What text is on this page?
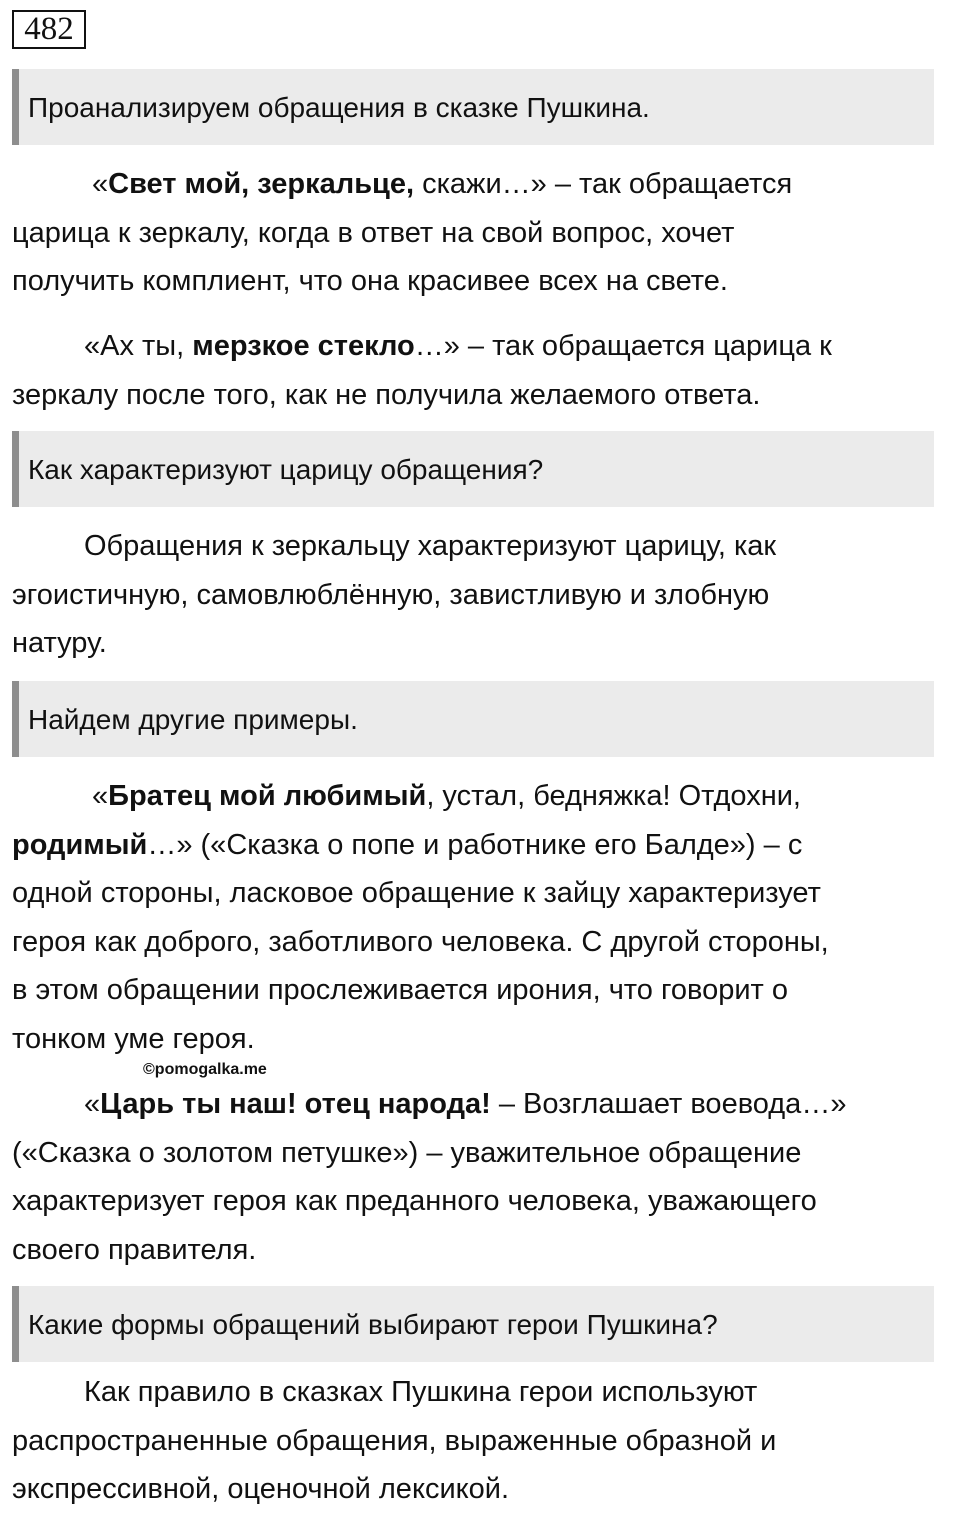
482
Проанализируем обращения в сказке Пушкина.

«Свет мой, зеркальце, скажи…» – так обращается
царица к зеркалу, когда в ответ на свой вопрос, хочет
получить комплиент, что она красивее всех на свете.

«Ах ты, мерзкое стекло…» – так обращается царица к
зеркалу после того, как не получила желаемого ответа.

Как характеризуют царицу обращения?

Обращения к зеркальцу характеризуют царицу, как
эгоистичную, самовлюблённую, завистливую и злобную
натуру.

Найдем другие примеры.

«Братец мой любимый, устал, бедняжка! Отдохни,
родимый…» («Сказка о попе и работнике его Балде») – с
одной стороны, ласковое обращение к зайцу характеризует
героя как доброго, заботливого человека. С другой стороны,
в этом обращении прослеживается ирония, что говорит о
тонком уме героя.

©pomogalka.me

«Царь ты наш! отец народа! – Возглашает воевода…»
(«Сказка о золотом петушке») – уважительное обращение
характеризует героя как преданного человека, уважающего
своего правителя.

Какие формы обращений выбирают герои Пушкина?

Как правило в сказках Пушкина герои используют
распространенные обращения, выраженные образной и
экспрессивной, оценочной лексикой.
